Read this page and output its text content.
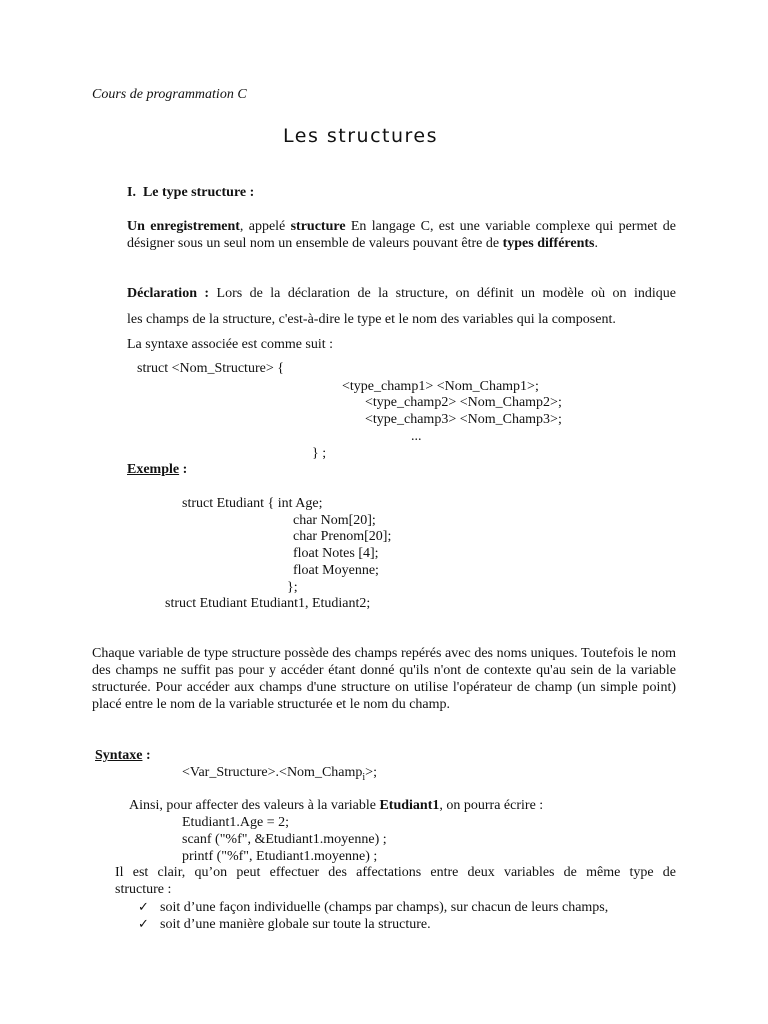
Cours de programmation C
Les structures
I. Le type structure :
Un enregistrement, appelé structure En langage C, est une variable complexe qui permet de désigner sous un seul nom un ensemble de valeurs pouvant être de types différents.
Déclaration : Lors de la déclaration de la structure, on définit un modèle où on indique
les champs de la structure, c'est-à-dire le type et le nom des variables qui la composent.
La syntaxe associée est comme suit :
struct <Nom_Structure> {
<type_champ1> <Nom_Champ1>;
<type_champ2> <Nom_Champ2>;
<type_champ3> <Nom_Champ3>;
...
} ;
Exemple :
struct Etudiant { int Age;
char Nom[20];
char Prenom[20];
float Notes [4];
float Moyenne;
};
struct Etudiant Etudiant1, Etudiant2;
Chaque variable de type structure possède des champs repérés avec des noms uniques. Toutefois le nom des champs ne suffit pas pour y accéder étant donné qu'ils n'ont de contexte qu'au sein de la variable structurée. Pour accéder aux champs d'une structure on utilise l'opérateur de champ (un simple point) placé entre le nom de la variable structurée et le nom du champ.
Syntaxe :
<Var_Structure>.<Nom_Champ$_i$>;
Ainsi, pour affecter des valeurs à la variable Etudiant1, on pourra écrire :
Etudiant1.Age = 2;
scanf ("%f", &Etudiant1.moyenne) ;
printf ("%f", Etudiant1.moyenne) ;
Il est clair, qu’on peut effectuer des affectations entre deux variables de même type de
structure :
✓ soit d’une façon individuelle (champs par champs), sur chacun de leurs champs,
✓ soit d’une manière globale sur toute la structure.
